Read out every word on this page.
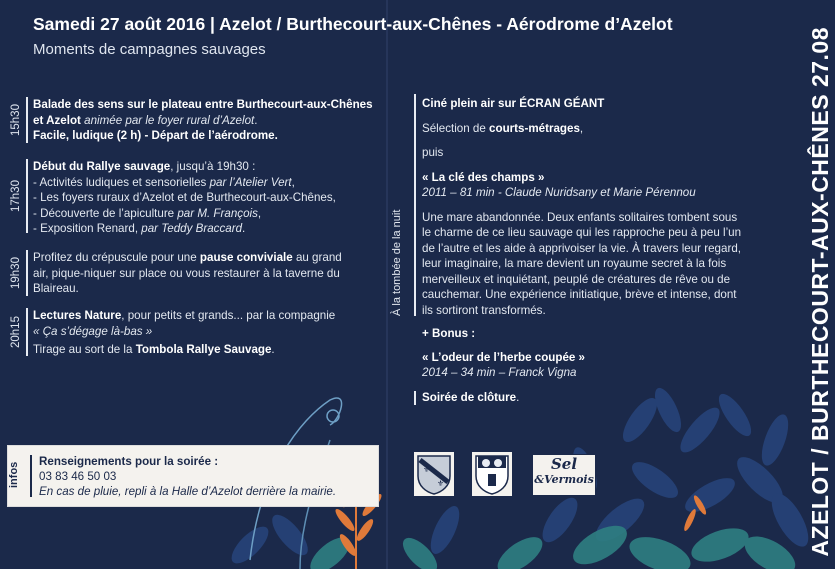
Samedi 27 août 2016 | Azelot / Burthecourt-aux-Chênes - Aérodrome d’Azelot
Moments de campagnes sauvages
15h30 Balade des sens sur le plateau entre Burthecourt-aux-Chênes
et Azelot animée par le foyer rural d’Azelot.
Facile, ludique (2 h) - Départ de l’aérodrome.
17h30
Début du Rallye sauvage, jusqu’à 19h30 :
- Activités ludiques et sensorielles par l’Atelier Vert,
- Les foyers ruraux d’Azelot et de Burthecourt-aux-Chênes,
- Découverte de l’apiculture par M. François,
- Exposition Renard, par Teddy Braccard.
19h30 Profitez du crépuscule pour une pause conviviale au grand
air, pique-niquer sur place ou vous restaurer à la taverne du
Blaireau.
20h15
Lectures Nature, pour petits et grands... par la compagnie
« Ça s’dégage là-bas »
Tirage au sort de la Tombola Rallye Sauvage.
À la tombée de la nuit
Ciné plein air sur ÉCRAN GÉANT
Sélection de courts-métrages,
puis
« La clé des champs »
2011 – 81 min - Claude Nuridsany et Marie Pérennou
Une mare abandonnée. Deux enfants solitaires tombent sous
le charme de ce lieu sauvage qui les rapproche peu à peu l’un
de l’autre et les aide à apprivoiser la vie. À travers leur regard,
leur imaginaire, la mare devient un royaume secret à la fois
merveilleux et inquiétant, peuplé de créatures de rêve ou de
cauchemar. Une expérience initiatique, brève et intense, dont
ils sortiront transformés.
+ Bonus :
« L’odeur de l’herbe coupée »
2014 – 34 min – Franck Vigna
Soirée de clôture.
infos
Renseignements pour la soirée :
03 83 46 50 03
En cas de pluie, repli à la Halle d’Azelot derrière la mairie.
⚜
⚜
Sel
&Vermois	AZELOT / BURTHECOURT-AUX-CHÊNES 27.08
